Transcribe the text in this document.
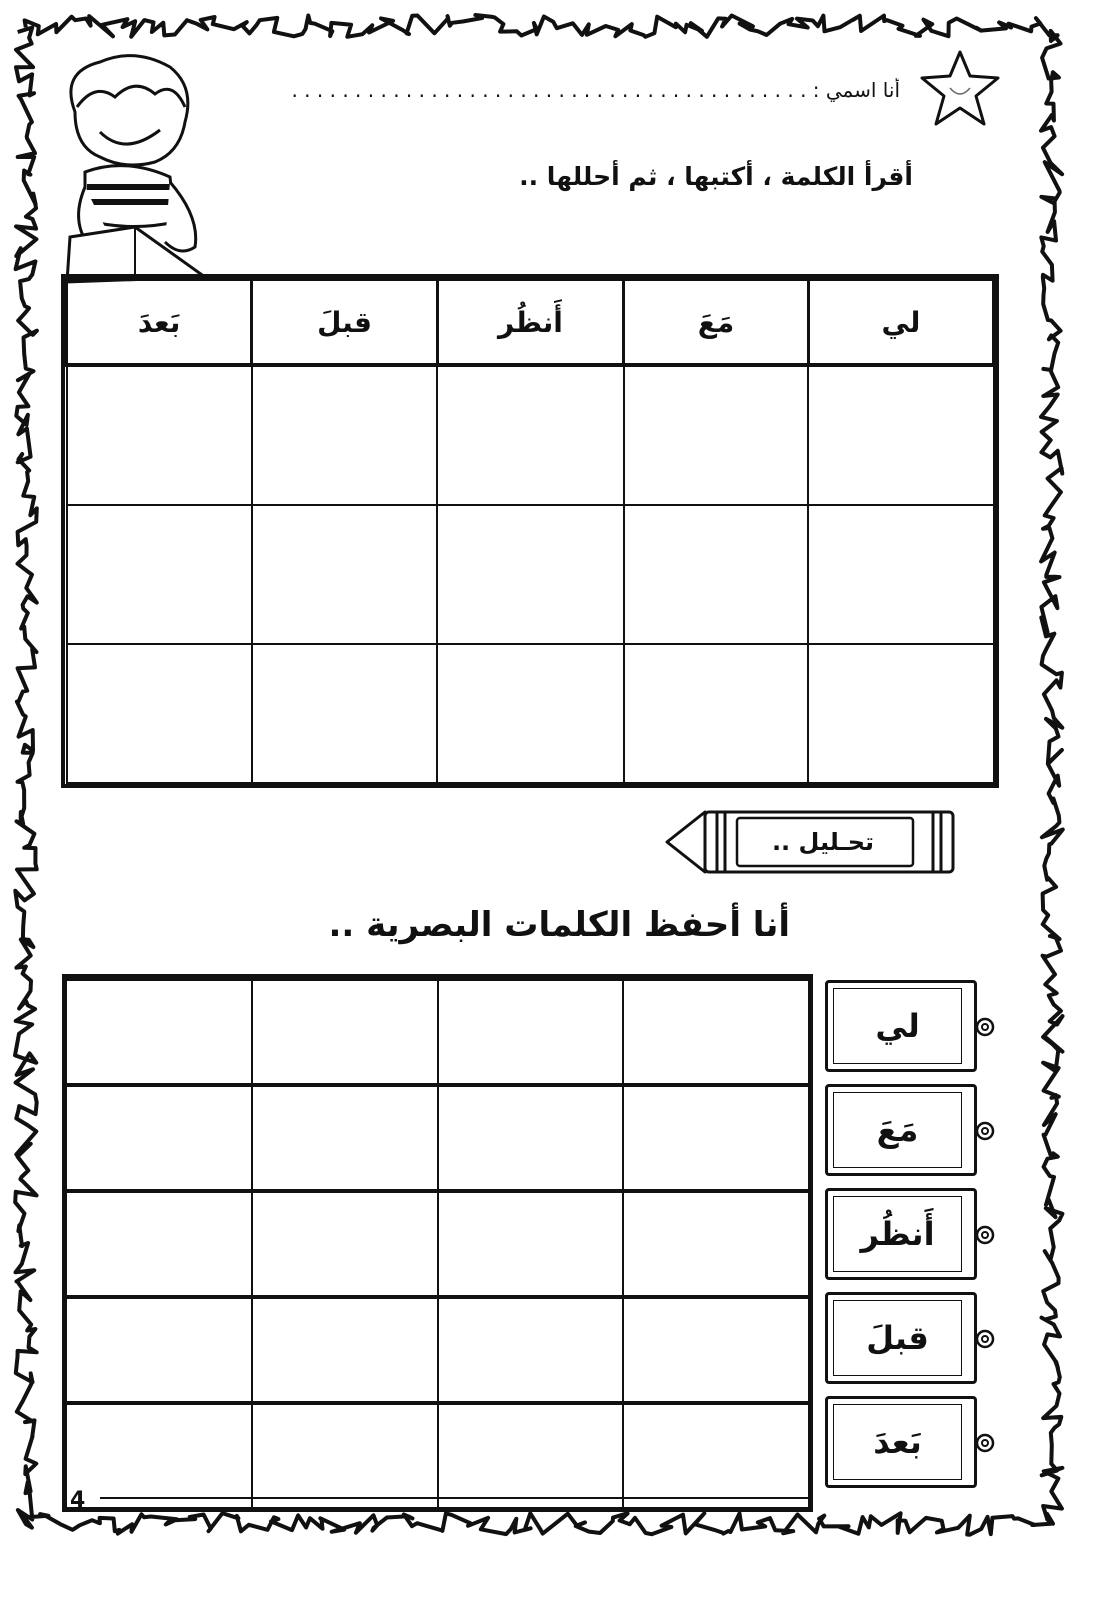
أنا اسمي : . . . . . . . . . . . . . . . . . . . . . . . . . . . . . . . . . . . . . . . . .
أقرأ الكلمة ، أكتبها ، ثم أحللها ..
لي	مَعَ	أَنظُر	قبلَ	بَعدَ

تحـليل ..
أنا أحفظ الكلمات البصرية ..

لي
مَعَ
أَنظُر
قبلَ
بَعدَ
4
